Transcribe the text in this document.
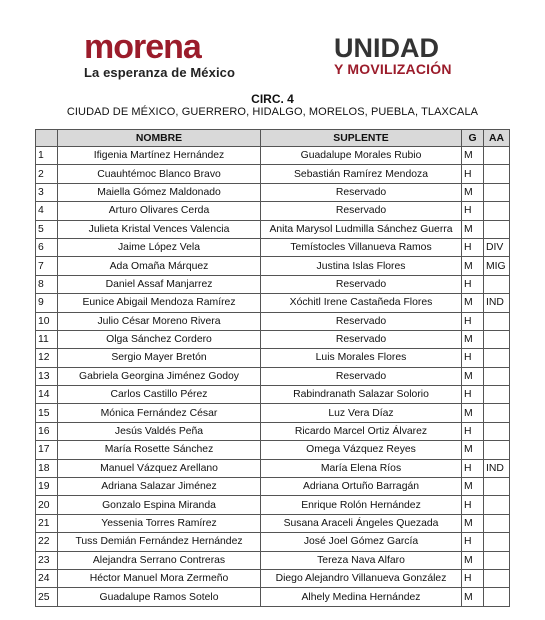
morena
La esperanza de México
UNIDAD
Y MOVILIZACIÓN
CIRC. 4
CIUDAD DE MÉXICO, GUERRERO, HIDALGO, MORELOS, PUEBLA, TLAXCALA
	NOMBRE	SUPLENTE	G	AA
1	Ifigenia Martínez Hernández	Guadalupe Morales Rubio	M	
2	Cuauhtémoc Blanco Bravo	Sebastián Ramírez Mendoza	H	
3	Maiella Gómez Maldonado	Reservado	M	
4	Arturo Olivares Cerda	Reservado	H	
5	Julieta Kristal Vences Valencia	Anita Marysol Ludmilla Sánchez Guerra	M	
6	Jaime López Vela	Temístocles Villanueva Ramos	H	DIV
7	Ada Omaña Márquez	Justina Islas Flores	M	MIG
8	Daniel Assaf Manjarrez	Reservado	H	
9	Eunice Abigail Mendoza Ramírez	Xóchitl Irene Castañeda Flores	M	IND
10	Julio César Moreno Rivera	Reservado	H	
11	Olga Sánchez Cordero	Reservado	M	
12	Sergio Mayer Bretón	Luis Morales Flores	H	
13	Gabriela Georgina Jiménez Godoy	Reservado	M	
14	Carlos Castillo Pérez	Rabindranath Salazar Solorio	H	
15	Mónica Fernández César	Luz Vera Díaz	M	
16	Jesús Valdés Peña	Ricardo Marcel Ortiz Álvarez	H	
17	María Rosette Sánchez	Omega Vázquez Reyes	M	
18	Manuel Vázquez Arellano	María Elena Ríos	H	IND
19	Adriana Salazar Jiménez	Adriana Ortuño Barragán	M	
20	Gonzalo Espina Miranda	Enrique Rolón Hernández	H	
21	Yessenia Torres Ramírez	Susana Araceli Ángeles Quezada	M	
22	Tuss Demián Fernández Hernández	José Joel Gómez García	H	
23	Alejandra Serrano Contreras	Tereza Nava Alfaro	M	
24	Héctor Manuel Mora Zermeño	Diego Alejandro Villanueva González	H	
25	Guadalupe Ramos Sotelo	Alhely Medina Hernández	M	
